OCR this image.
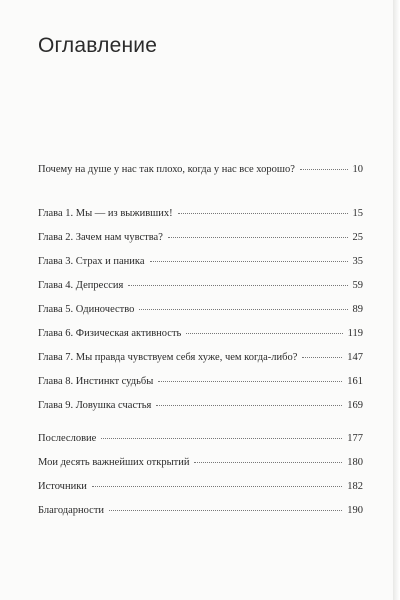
Оглавление
Почему на душе у нас так плохо, когда у нас все хорошо?	10
Глава 1. Мы — из выживших!	15
Глава 2. Зачем нам чувства?	25
Глава 3. Страх и паника	35
Глава 4. Депрессия	59
Глава 5. Одиночество	89
Глава 6. Физическая активность	119
Глава 7. Мы правда чувствуем себя хуже, чем когда-либо?	147
Глава 8. Инстинкт судьбы	161
Глава 9. Ловушка счастья	169
Послесловие	177
Мои десять важнейших открытий	180
Источники	182
Благодарности	190
